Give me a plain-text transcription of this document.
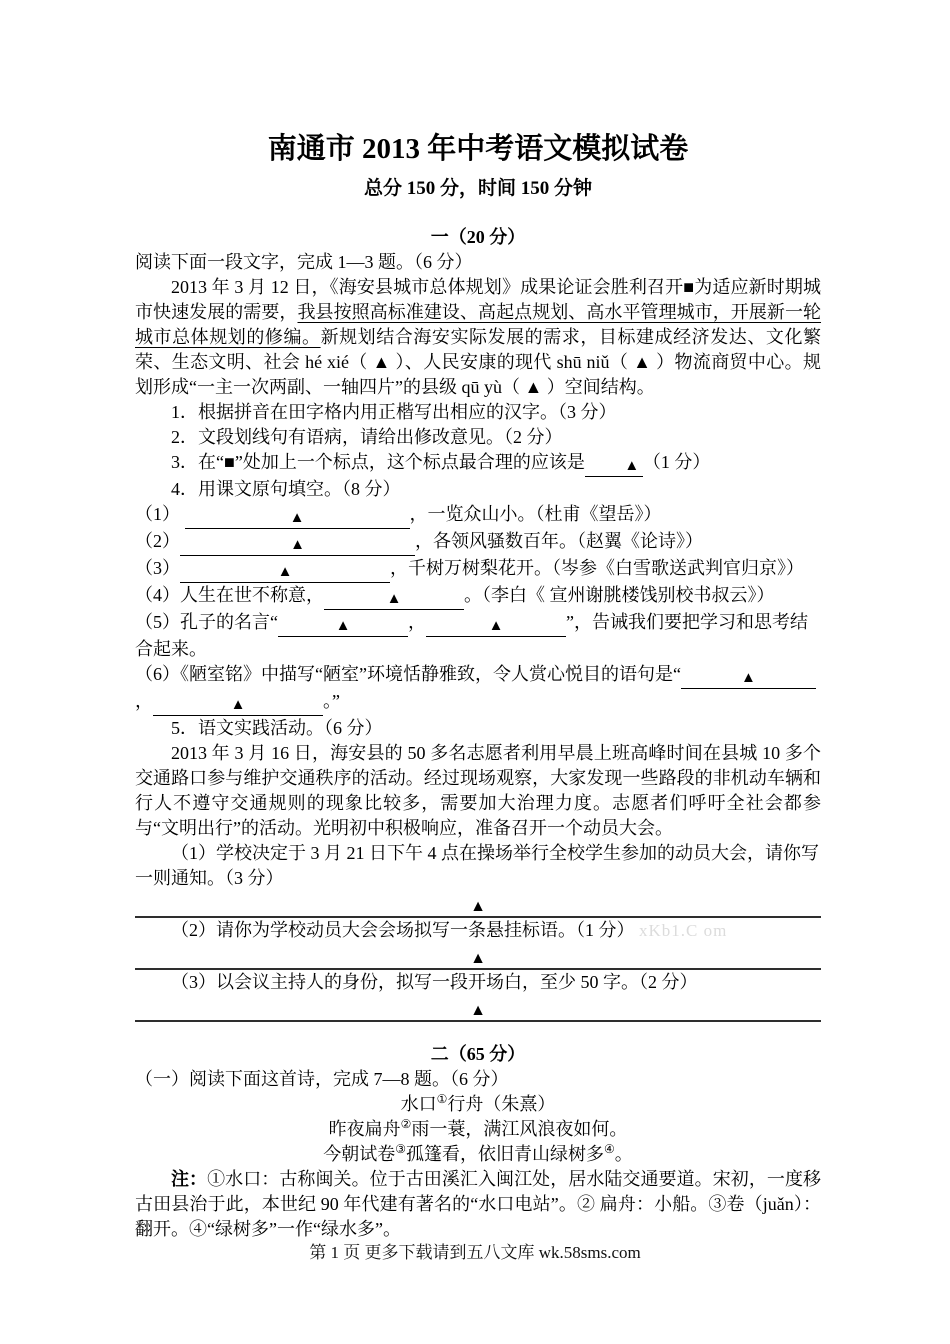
南通市 2013 年中考语文模拟试卷
总分 150 分，时间 150 分钟
一（20 分）

阅读下面一段文字，完成 1—3 题。（6 分）

2013 年 3 月 12 日，《海安县城市总体规划》成果论证会胜利召开■为适应新时期城市快速发展的需要，我县按照高标准建设、高起点规划、高水平管理城市，开展新一轮城市总体规划的修编。新规划结合海安实际发展的需求，目标建成经济发达、文化繁荣、生态文明、社会 hé xié（ ▲ ）、人民安康的现代 shū niǔ（ ▲ ）物流商贸中心。规划形成“一主一次两副、一轴四片”的县级 qū yù（ ▲ ）空间结构。

1．根据拼音在田字格内用正楷写出相应的汉字。（3 分）

2．文段划线句有语病，请给出修改意见。（2 分）

3．在“■”处加上一个标点，这个标点最合理的应该是	▲ （1 分）

4．用课文原句填空。（8 分）

（1）	▲	，一览众山小。（杜甫《望岳》）

（2）	▲	，各领风骚数百年。（赵翼《论诗》）

（3）	▲	，千树万树梨花开。（岑参《白雪歌送武判官归京》）

（4）人生在世不称意，	▲	。（李白《 宣州谢朓楼饯别校书叔云》）

（5）孔子的名言“	▲	，	▲	”，告诫我们要把学习和思考结合起来。

（6）《陋室铭》中描写“陋室”环境恬静雅致，令人赏心悦目的语句是“	▲，	▲	。”

5．语文实践活动。（6 分）

2013 年 3 月 16 日，海安县的 50 多名志愿者利用早晨上班高峰时间在县城 10 多个交通路口参与维护交通秩序的活动。经过现场观察，大家发现一些路段的非机动车辆和行人不遵守交通规则的现象比较多，需要加大治理力度。志愿者们呼吁全社会都参与“文明出行”的活动。光明初中积极响应，准备召开一个动员大会。

（1）学校决定于 3 月 21 日下午 4 点在操场举行全校学生参加的动员大会，请你写一则通知。（3 分）

▲

（2）请你为学校动员大会会场拟写一条悬挂标语。（1 分） xKb1.C om

▲

（3）以会议主持人的身份，拟写一段开场白，至少 50 字。（2 分）

▲
二（65 分）

（一）阅读下面这首诗，完成 7—8 题。（6 分）

水口①行舟（朱熹）
昨夜扁舟②雨一蓑，满江风浪夜如何。
今朝试卷③孤篷看，依旧青山绿树多④。

注：①水口：古称闽关。位于古田溪汇入闽江处，居水陆交通要道。宋初，一度移古田县治于此，本世纪 90 年代建有著名的“水口电站”。② 扁舟：小船。③卷（juǎn）：翻开。④“绿树多”一作“绿水多”。

第 1 页 更多下载请到五八文库 wk.58sms.com
